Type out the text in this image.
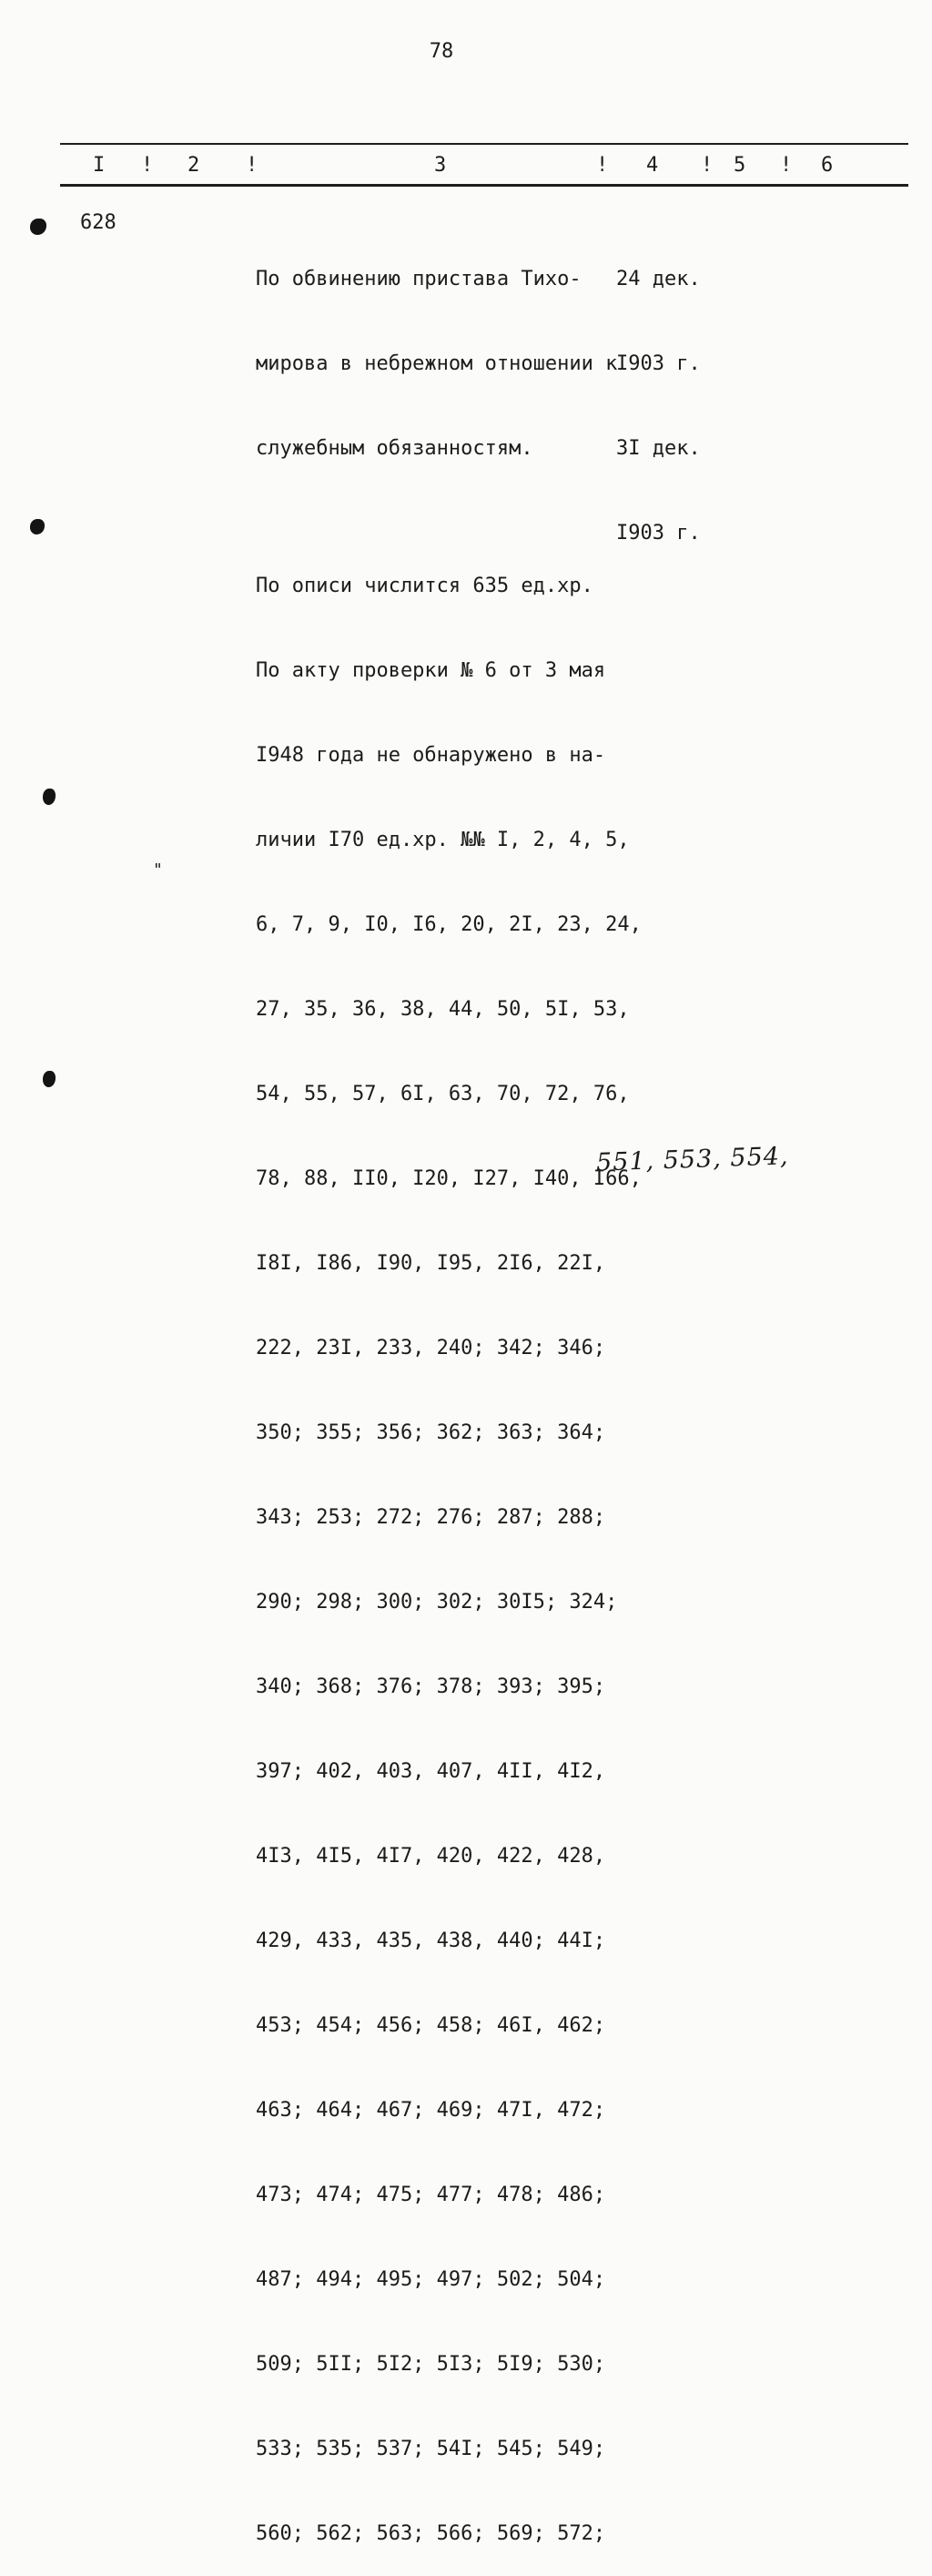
78
I ! 2 !	3	! 4 ! 5 ! 6
628

По обвинению пристава Тихо-

мирова в небрежном отношении к

служебным обязанностям.

24 дек.

I903 г.

3I дек.

I903 г.

По описи числится 635 ед.хр.

По акту проверки № 6 от 3 мая

I948 года не обнаружено в на-

личии I70 ед.хр. №№ I, 2, 4, 5,

6, 7, 9, I0, I6, 20, 2I, 23, 24,

27, 35, 36, 38, 44, 50, 5I, 53,

54, 55, 57, 6I, 63, 70, 72, 76,

78, 88, II0, I20, I27, I40, I66,

I8I, I86, I90, I95, 2I6, 22I,

222, 23I, 233, 240; 342; 346;

350; 355; 356; 362; 363; 364;

343; 253; 272; 276; 287; 288;

290; 298; 300; 302; 30I5; 324;

340; 368; 376; 378; 393; 395;

397; 402, 403, 407, 4II, 4I2,

4I3, 4I5, 4I7, 420, 422, 428,

429, 433, 435, 438, 440; 44I;

453; 454; 456; 458; 46I, 462;

463; 464; 467; 469; 47I, 472;

473; 474; 475; 477; 478; 486;

487; 494; 495; 497; 502; 504;

509; 5II; 5I2; 5I3; 5I9; 530;

533; 535; 537; 54I; 545; 549;

560; 562; 563; 566; 569; 572;

551, 553, 554,
"
